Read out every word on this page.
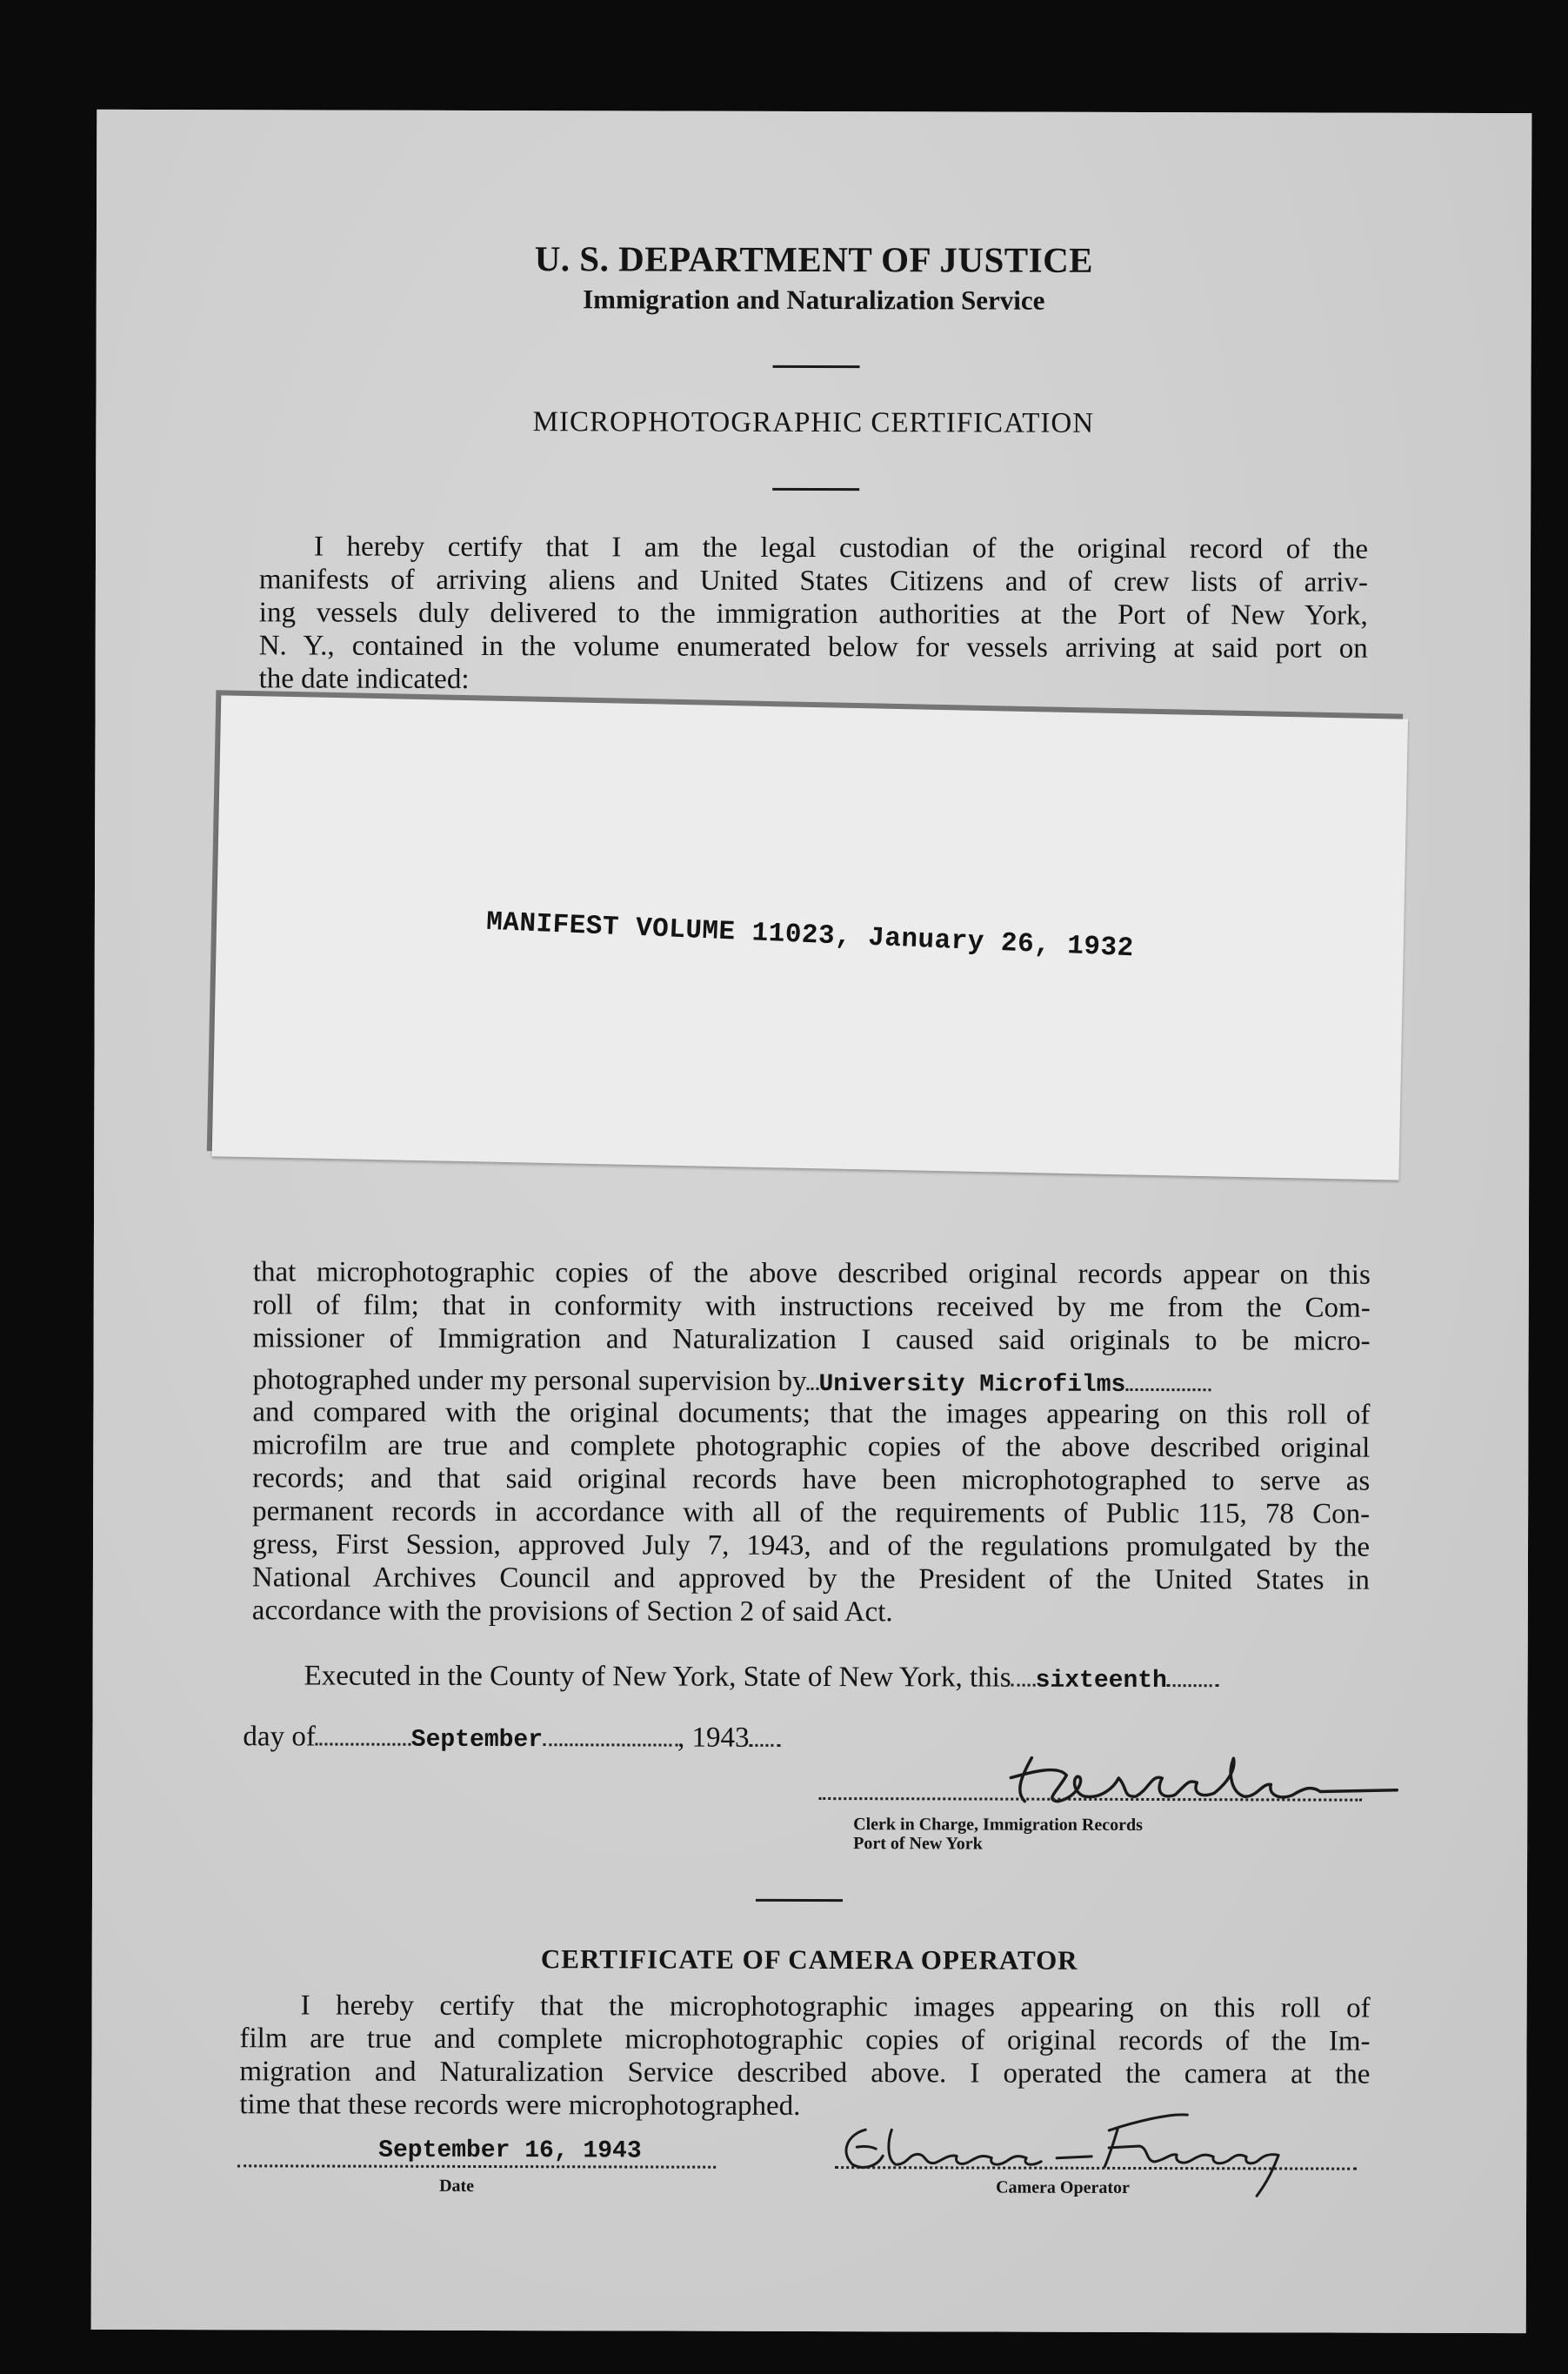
U. S. DEPARTMENT OF JUSTICE
Immigration and Naturalization Service
MICROPHOTOGRAPHIC CERTIFICATION
I hereby certify that I am the legal custodian of the original record of the
manifests of arriving aliens and United States Citizens and of crew lists of arriv-
ing vessels duly delivered to the immigration authorities at the Port of New York,
N. Y., contained in the volume enumerated below for vessels arriving at said port on
the date indicated:
MANIFEST VOLUME 11023, January 26, 1932
that microphotographic copies of the above described original records appear on this
roll of film; that in conformity with instructions received by me from the Com-
missioner of Immigration and Naturalization I caused said originals to be micro-
photographed under my personal supervision by University Microfilms
and compared with the original documents; that the images appearing on this roll of
microfilm are true and complete photographic copies of the above described original
records; and that said original records have been microphotographed to serve as
permanent records in accordance with all of the requirements of Public 115, 78 Con-
gress, First Session, approved July 7, 1943, and of the regulations promulgated by the
National Archives Council and approved by the President of the United States in
accordance with the provisions of Section 2 of said Act.
Executed in the County of New York, State of New York, this sixteenth
day of	September	, 1943
Clerk in Charge, Immigration Records
Port of New York
CERTIFICATE OF CAMERA OPERATOR
I hereby certify that the microphotographic images appearing on this roll of
film are true and complete microphotographic copies of original records of the Im-
migration and Naturalization Service described above. I operated the camera at the
time that these records were microphotographed.
September 16, 1943
Date	Camera Operator
